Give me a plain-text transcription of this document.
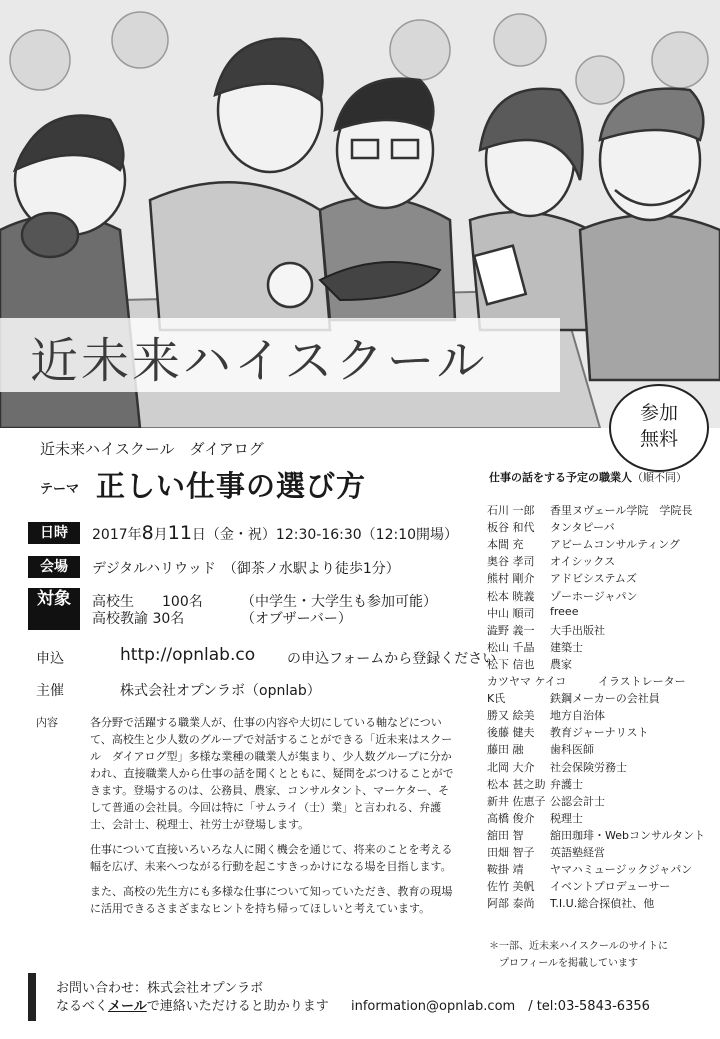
近未来ハイスクール
参加
無料
近未来ハイスクール　ダイアログ
テーマ 正しい仕事の選び方
日時	2017年8月11日（金・祝）12:30-16:30（12:10開場）
会場	デジタルハリウッド　（御茶ノ水駅より徒歩1分）
対象	高校生　　100名	（中学生・大学生も参加可能）
高校教諭 30名	（オブザーバー）
申込	http://opnlab.co の申込フォームから登録ください
主催	株式会社オプンラボ（opnlab）
内容	各分野で活躍する職業人が、仕事の内容や大切にしている軸などについて、高校生と少人数のグループで対話することができる「近未来はスクール　ダイアログ型」多様な業種の職業人が集まり、少人数グループに分かわれ、直接職業人から仕事の話を聞くとともに、疑問をぶつけることができます。登場するのは、公務員、農家、コンサルタント、マーケター、そして普通の会社員。今回は特に「サムライ（士）業」と言われる、弁護士、会計士、税理士、社労士が登場します。

仕事について直接いろいろな人に聞く機会を通じて、将来のことを考える幅を広げ、未来へつながる行動を起こすきっかけになる場を目指します。

また、高校の先生方にも多様な仕事について知っていただき、教育の現場に活用できるさまざまなヒントを持ち帰ってほしいと考えています。

仕事の話をする予定の職業人（順不同）
石川 一郎 香里ヌヴェール学院　学院長
板谷 和代 タンタピーバ
本間 充 アビームコンサルティング
奥谷 孝司 オイシックス
熊村 剛介 アドビシステムズ
松本 暁義 ゾーホージャパン
中山 順司 freee
澁野 義一 大手出版社
松山 千晶 建築士
松下 信也 農家
カツヤマ ケイコ	イラストレーター
K氏	鉄鋼メーカーの会社員
勝又 絵美 地方自治体
後藤 健夫 教育ジャーナリスト
藤田 融 歯科医師
北岡 大介 社会保険労務士
松本 甚之助 弁護士
新井 佐恵子 公認会計士
高橋 俊介 税理士
舘田 智 舘田珈琲・Webコンサルタント
田畑 智子 英語塾経営
鞍掛 靖 ヤマハミュージックジャパン
佐竹 美帆 イベントプロデューサー
阿部 泰尚 T.I.U.総合探偵社、他
＊一部、近未来ハイスクールのサイトに
プロフィールを掲載しています
お問い合わせ：株式会社オプンラボ
なるべくメールで連絡いただけると助かります information@opnlab.com　/ tel:03-5843-6356
